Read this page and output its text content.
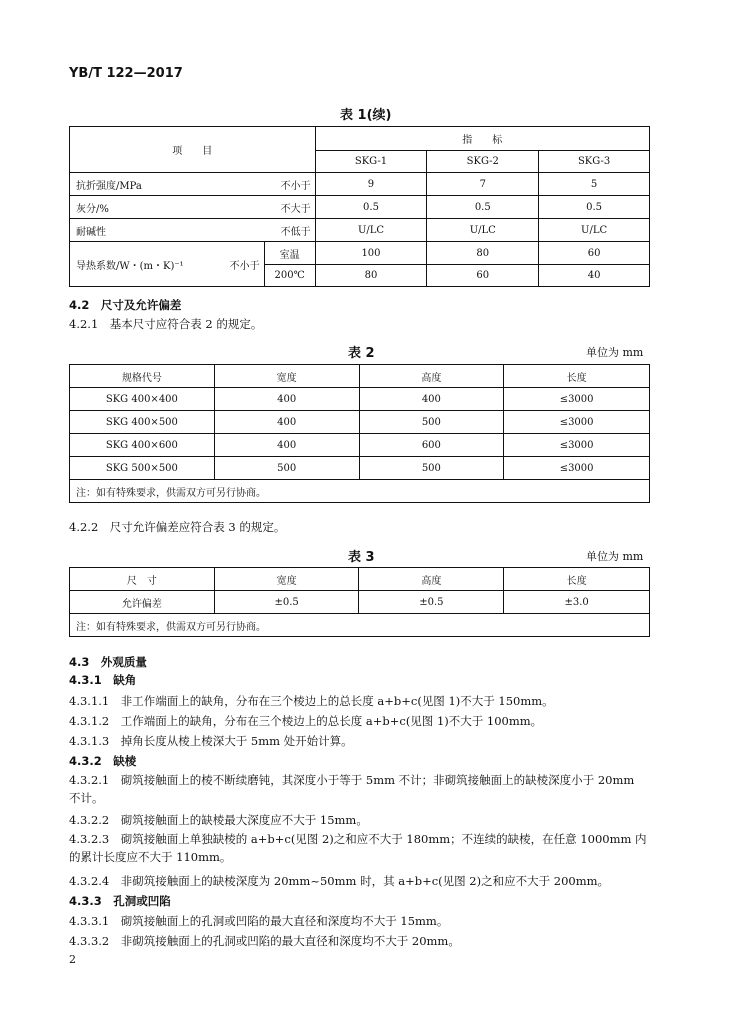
YB/T 122—2017
表 1(续)
项　　目		指　　标		
		SKG-1	SKG-2	SKG-3
抗折强度/MPa	不小于	9	7	5
灰分/%	不大于	0.5	0.5	0.5
耐碱性	不低于	U/LC	U/LC	U/LC

导热系数/W・(m・K)⁻¹ 不小于	室温	100	80	60
	200℃	80	60	40
4.2　尺寸及允许偏差
4.2.1　基本尺寸应符合表 2 的规定。
表 2	单位为 mm
规格代号	宽度	高度	长度
SKG 400×400	400	400	≤3000
SKG 400×500	400	500	≤3000
SKG 400×600	400	600	≤3000
SKG 500×500	500	500	≤3000
注：如有特殊要求，供需双方可另行协商。			
4.2.2　尺寸允许偏差应符合表 3 的规定。
表 3	单位为 mm
尺　寸	宽度	高度	长度
允许偏差	±0.5	±0.5	±3.0
注：如有特殊要求，供需双方可另行协商。			
4.3　外观质量
4.3.1　缺角
4.3.1.1　非工作端面上的缺角，分布在三个棱边上的总长度 a+b+c(见图 1)不大于 150mm。
4.3.1.2　工作端面上的缺角，分布在三个棱边上的总长度 a+b+c(见图 1)不大于 100mm。
4.3.1.3　掉角长度从棱上棱深大于 5mm 处开始计算。
4.3.2　缺棱
4.3.2.1　砌筑接触面上的棱不断续磨钝，其深度小于等于 5mm 不计；非砌筑接触面上的缺棱深度小于 20mm 不计。
4.3.2.2　砌筑接触面上的缺棱最大深度应不大于 15mm。
4.3.2.3　砌筑接触面上单独缺棱的 a+b+c(见图 2)之和应不大于 180mm；不连续的缺棱，在任意 1000mm 内的累计长度应不大于 110mm。
4.3.2.4　非砌筑接触面上的缺棱深度为 20mm~50mm 时，其 a+b+c(见图 2)之和应不大于 200mm。
4.3.3　孔洞或凹陷
4.3.3.1　砌筑接触面上的孔洞或凹陷的最大直径和深度均不大于 15mm。
4.3.3.2　非砌筑接触面上的孔洞或凹陷的最大直径和深度均不大于 20mm。
2
